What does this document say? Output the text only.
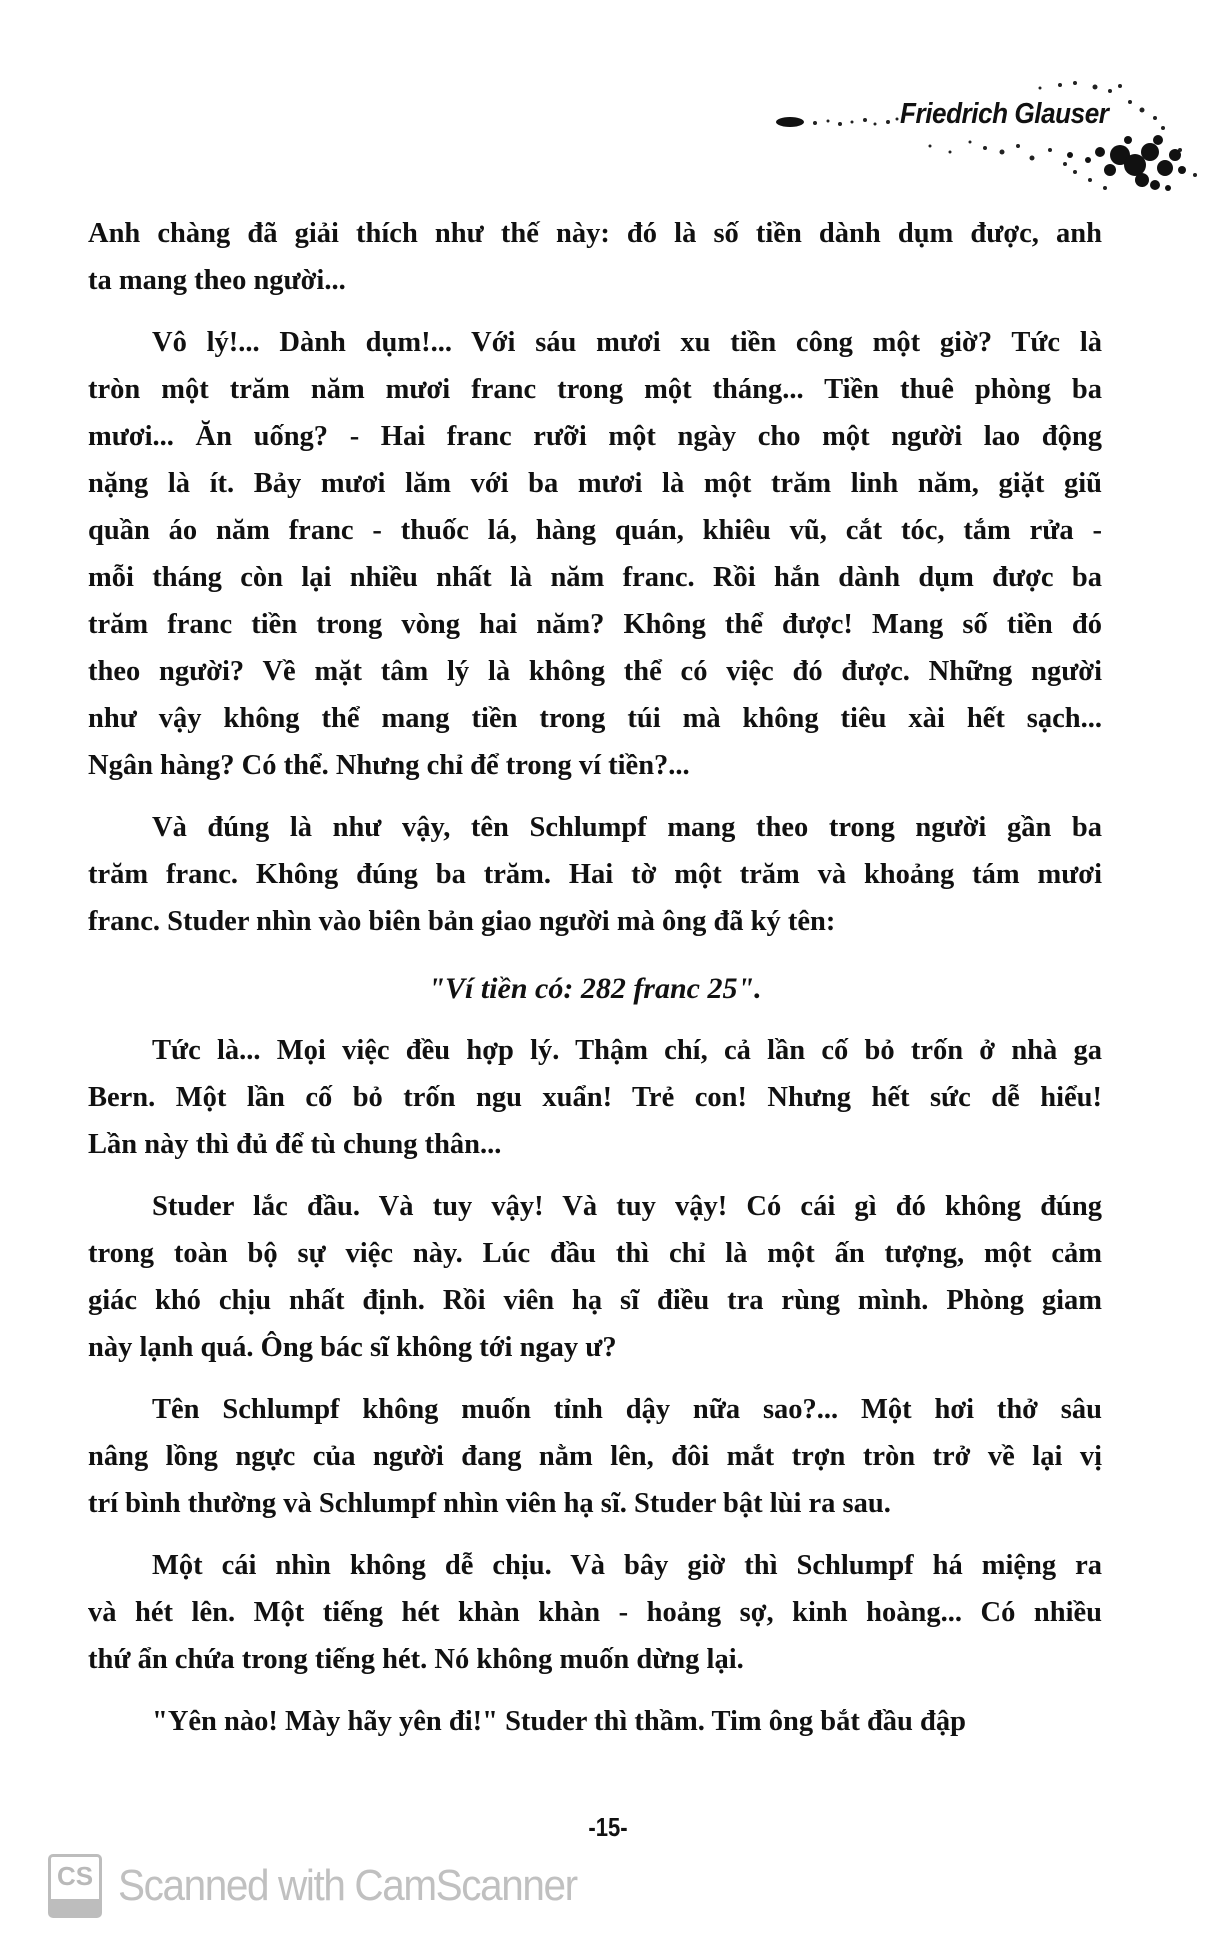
Friedrich Glauser
Anh chàng đã giải thích như thế này: đó là số tiền dành dụm được, anh
ta mang theo người...
Vô lý!... Dành dụm!... Với sáu mươi xu tiền công một giờ? Tức là
tròn một trăm năm mươi franc trong một tháng... Tiền thuê phòng ba
mươi... Ăn uống? - Hai franc rưỡi một ngày cho một người lao động
nặng là ít. Bảy mươi lăm với ba mươi là một trăm linh năm, giặt giũ
quần áo năm franc - thuốc lá, hàng quán, khiêu vũ, cắt tóc, tắm rửa -
mỗi tháng còn lại nhiều nhất là năm franc. Rồi hắn dành dụm được ba
trăm franc tiền trong vòng hai năm? Không thể được! Mang số tiền đó
theo người? Về mặt tâm lý là không thể có việc đó được. Những người
như vậy không thể mang tiền trong túi mà không tiêu xài hết sạch...
Ngân hàng? Có thể. Nhưng chỉ để trong ví tiền?...
Và đúng là như vậy, tên Schlumpf mang theo trong người gần ba
trăm franc. Không đúng ba trăm. Hai tờ một trăm và khoảng tám mươi
franc. Studer nhìn vào biên bản giao người mà ông đã ký tên:
"Ví tiền có: 282 franc 25".
Tức là... Mọi việc đều hợp lý. Thậm chí, cả lần cố bỏ trốn ở nhà ga
Bern. Một lần cố bỏ trốn ngu xuẩn! Trẻ con! Nhưng hết sức dễ hiểu!
Lần này thì đủ để tù chung thân...
Studer lắc đầu. Và tuy vậy! Và tuy vậy! Có cái gì đó không đúng
trong toàn bộ sự việc này. Lúc đầu thì chỉ là một ấn tượng, một cảm
giác khó chịu nhất định. Rồi viên hạ sĩ điều tra rùng mình. Phòng giam
này lạnh quá. Ông bác sĩ không tới ngay ư?
Tên Schlumpf không muốn tỉnh dậy nữa sao?... Một hơi thở sâu
nâng lồng ngực của người đang nằm lên, đôi mắt trợn tròn trở về lại vị
trí bình thường và Schlumpf nhìn viên hạ sĩ. Studer bật lùi ra sau.
Một cái nhìn không dễ chịu. Và bây giờ thì Schlumpf há miệng ra
và hét lên. Một tiếng hét khàn khàn - hoảng sợ, kinh hoàng... Có nhiều
thứ ẩn chứa trong tiếng hét. Nó không muốn dừng lại.
"Yên nào! Mày hãy yên đi!" Studer thì thầm. Tim ông bắt đầu đập
-15-
CS Scanned with CamScanner
